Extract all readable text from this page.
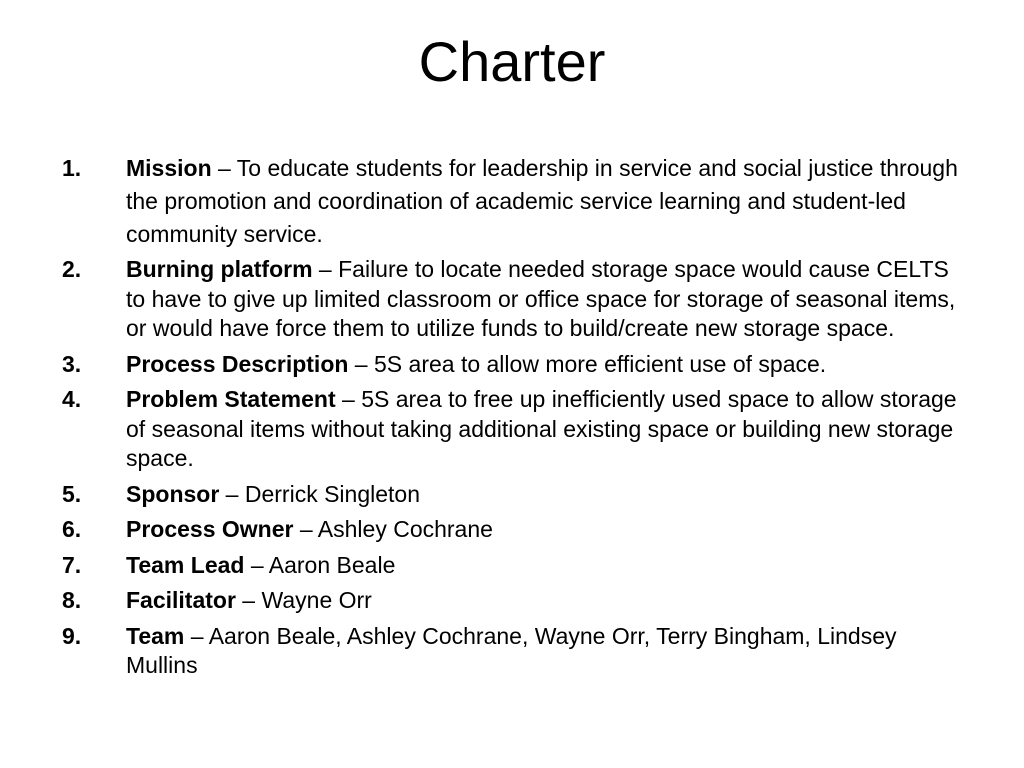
Charter
1. Mission – To educate students for leadership in service and social justice through the promotion and coordination of academic service learning and student-led community service.
2. Burning platform – Failure to locate needed storage space would cause CELTS to have to give up limited classroom or office space for storage of seasonal items, or would have force them to utilize funds to build/create new storage space.
3. Process Description – 5S area to allow more efficient use of space.
4. Problem Statement – 5S area to free up inefficiently used space to allow storage of seasonal items without taking additional existing space or building new storage space.
5. Sponsor – Derrick Singleton
6. Process Owner – Ashley Cochrane
7. Team Lead – Aaron Beale
8. Facilitator – Wayne Orr
9. Team – Aaron Beale, Ashley Cochrane, Wayne Orr, Terry Bingham, Lindsey Mullins
